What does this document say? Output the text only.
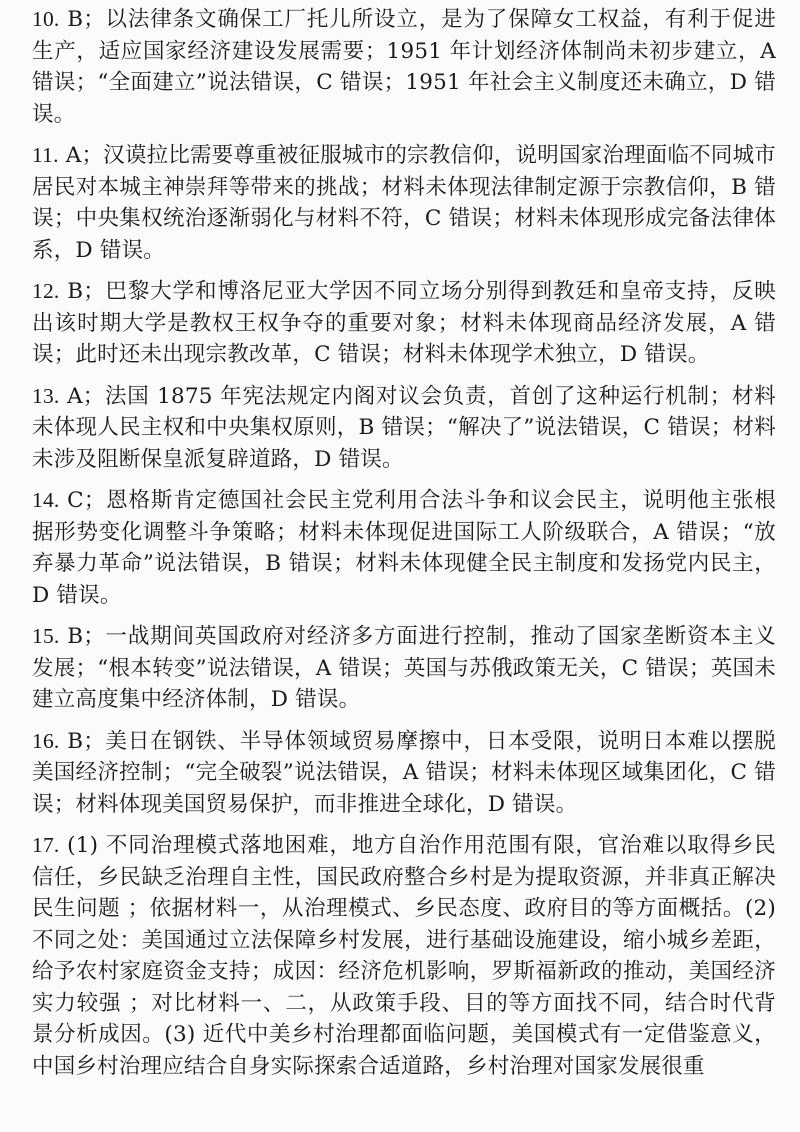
10. B；以法律条文确保工厂托儿所设立，是为了保障女工权益，有利于促进生产，适应国家经济建设发展需要；1951 年计划经济体制尚未初步建立，A 错误；“全面建立”说法错误，C 错误；1951 年社会主义制度还未确立，D 错误。

11. A；汉谟拉比需要尊重被征服城市的宗教信仰，说明国家治理面临不同城市居民对本城主神崇拜等带来的挑战；材料未体现法律制定源于宗教信仰，B 错误；中央集权统治逐渐弱化与材料不符，C 错误；材料未体现形成完备法律体系，D 错误。

12. B；巴黎大学和博洛尼亚大学因不同立场分别得到教廷和皇帝支持，反映出该时期大学是教权王权争夺的重要对象；材料未体现商品经济发展，A 错误；此时还未出现宗教改革，C 错误；材料未体现学术独立，D 错误。

13. A；法国 1875 年宪法规定内阁对议会负责，首创了这种运行机制；材料未体现人民主权和中央集权原则，B 错误；“解决了”说法错误，C 错误；材料未涉及阻断保皇派复辟道路，D 错误。

14. C；恩格斯肯定德国社会民主党利用合法斗争和议会民主，说明他主张根据形势变化调整斗争策略；材料未体现促进国际工人阶级联合，A 错误；“放弃暴力革命”说法错误，B 错误；材料未体现健全民主制度和发扬党内民主，D 错误。

15. B；一战期间英国政府对经济多方面进行控制，推动了国家垄断资本主义发展；“根本转变”说法错误，A 错误；英国与苏俄政策无关，C 错误；英国未建立高度集中经济体制，D 错误。

16. B；美日在钢铁、半导体领域贸易摩擦中，日本受限，说明日本难以摆脱美国经济控制；“完全破裂”说法错误，A 错误；材料未体现区域集团化，C 错误；材料体现美国贸易保护，而非推进全球化，D 错误。

17. (1) 不同治理模式落地困难，地方自治作用范围有限，官治难以取得乡民信任，乡民缺乏治理自主性，国民政府整合乡村是为提取资源，并非真正解决民生问题 ；依据材料一，从治理模式、乡民态度、政府目的等方面概括。(2) 不同之处：美国通过立法保障乡村发展，进行基础设施建设，缩小城乡差距，给予农村家庭资金支持；成因：经济危机影响，罗斯福新政的推动，美国经济实力较强 ；对比材料一、二，从政策手段、目的等方面找不同，结合时代背景分析成因。(3) 近代中美乡村治理都面临问题，美国模式有一定借鉴意义，中国乡村治理应结合自身实际探索合适道路，乡村治理对国家发展很重
